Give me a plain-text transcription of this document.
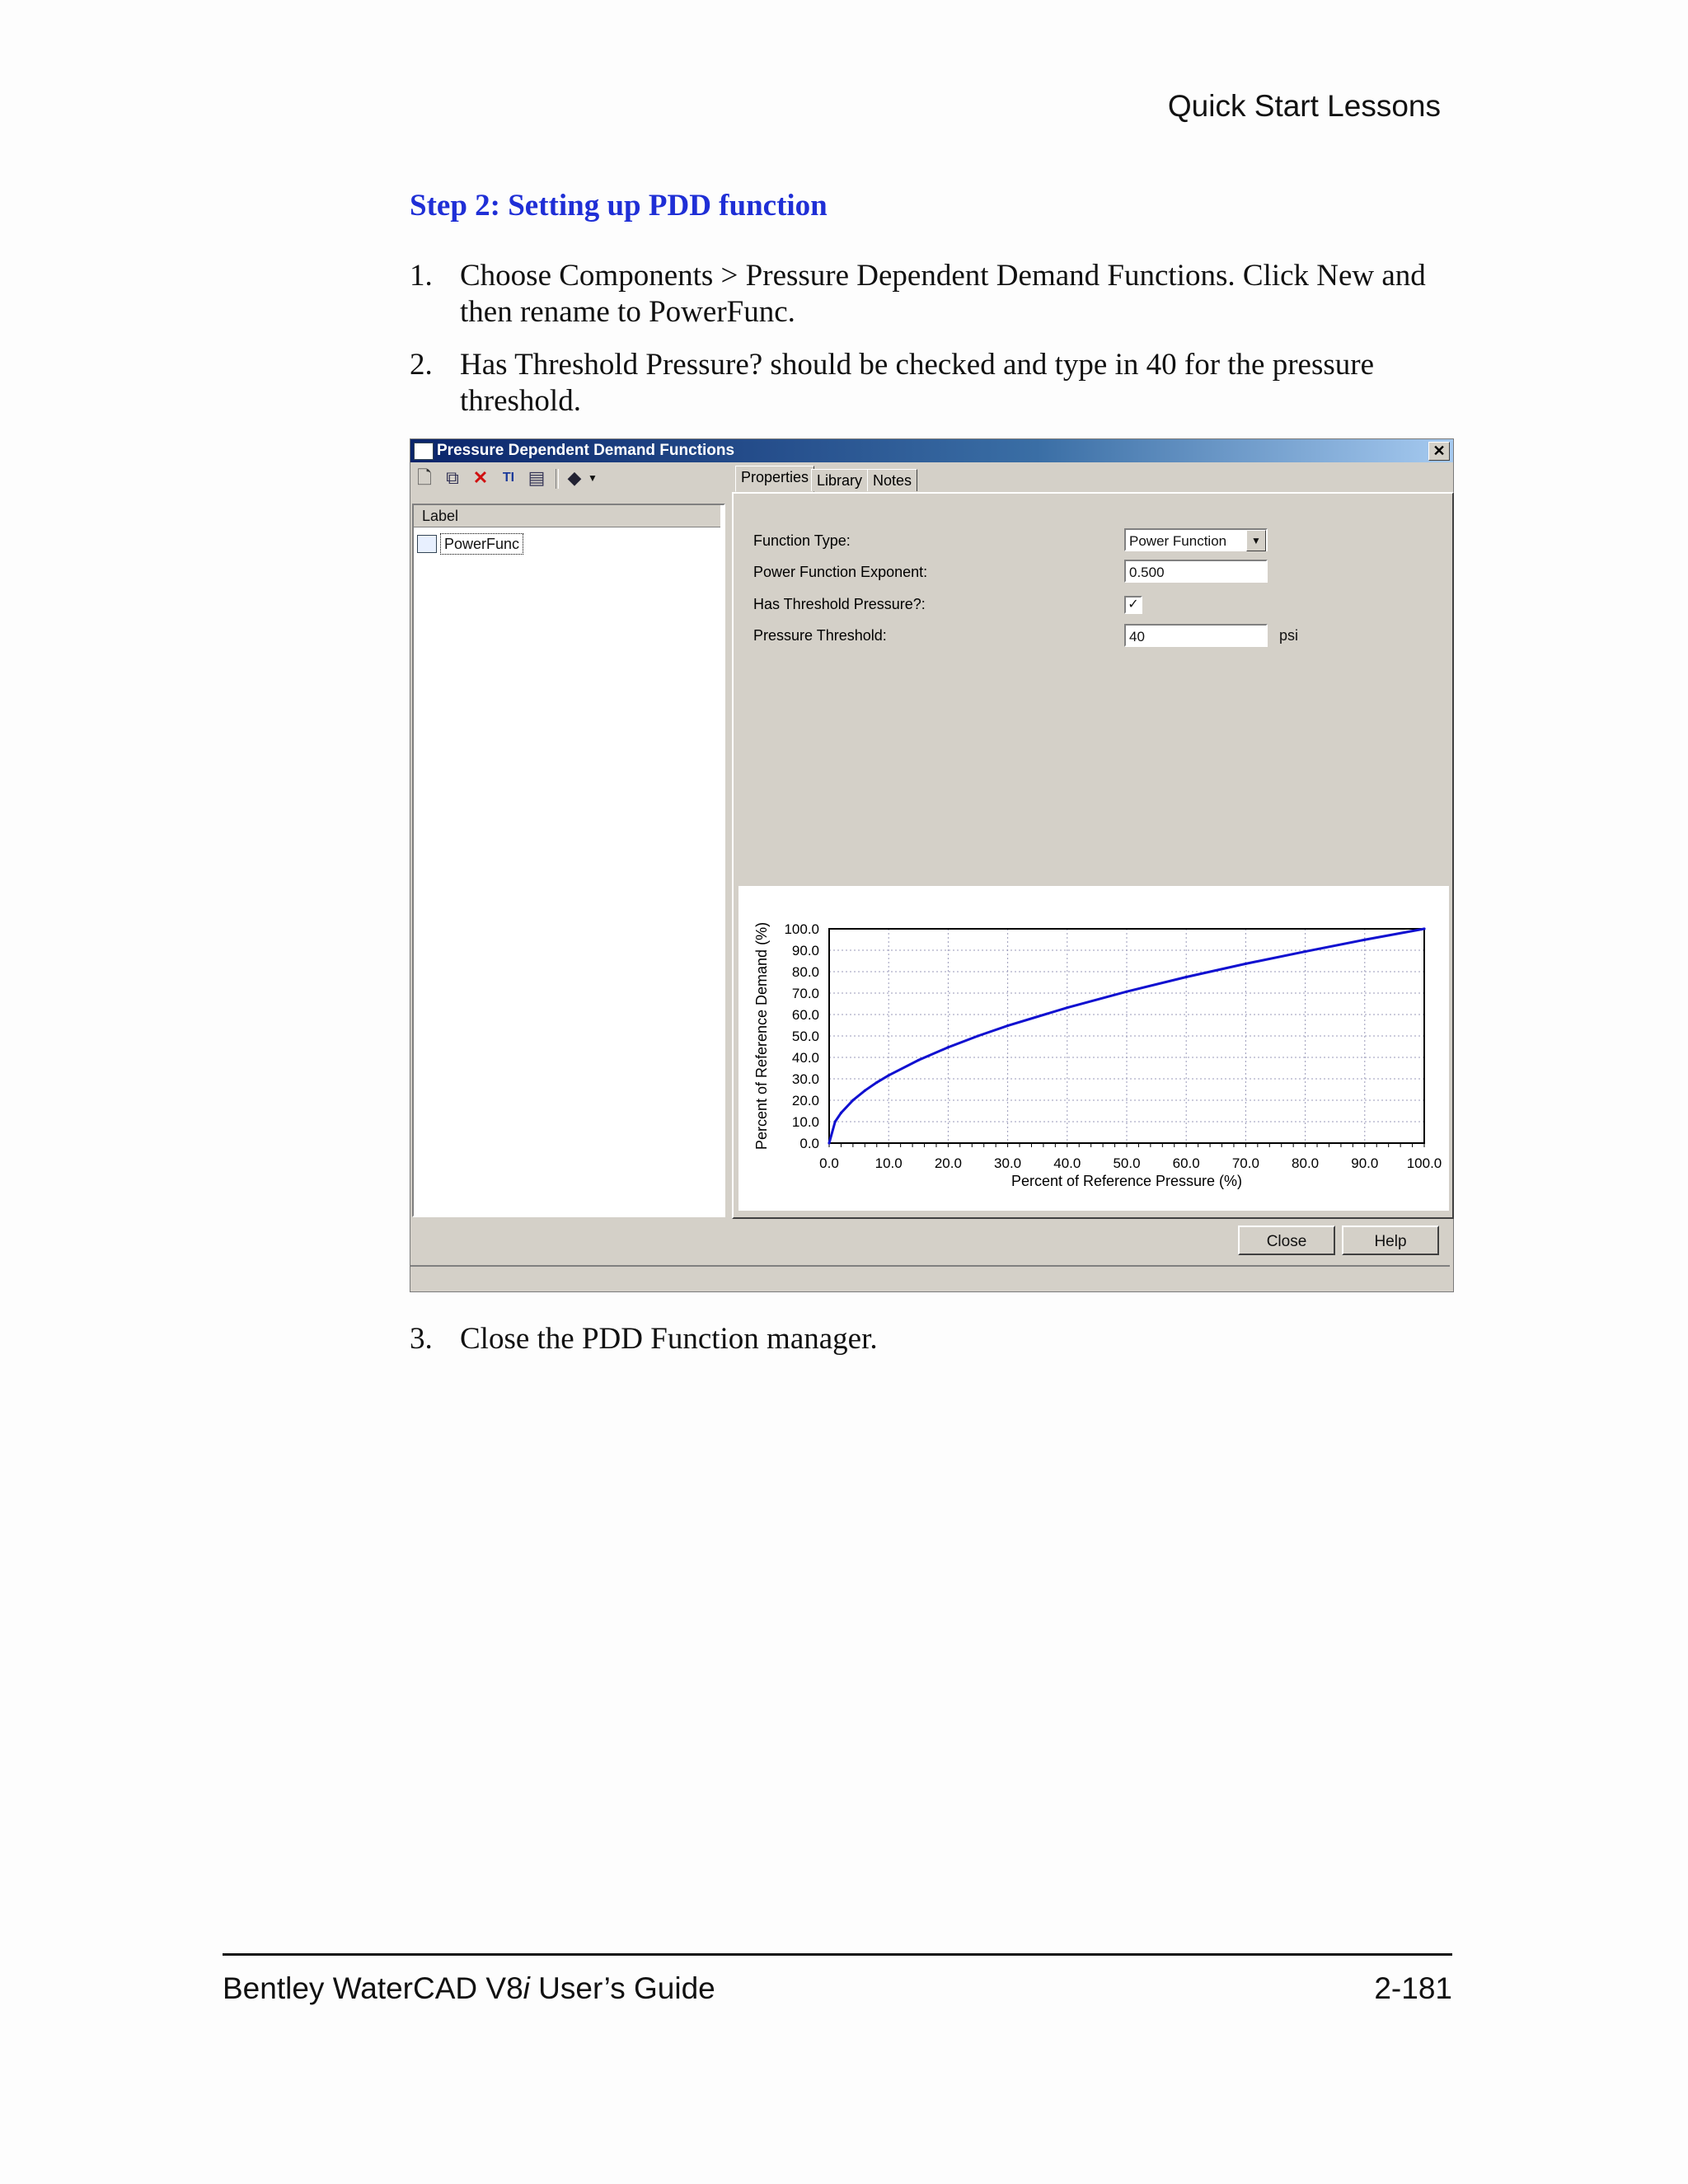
Quick Start Lessons
Step 2: Setting up PDD function
1. Choose Components > Pressure Dependent Demand Functions. Click New and then rename to PowerFunc.
2. Has Threshold Pressure? should be checked and type in 40 for the pressure threshold.
Pressure Dependent Demand Functions	✕
🗋 ⧉ ✕	TI ▤ ◆ ▼	Properties Library Notes
Label
PowerFunc	Function Type:	Power Function	▼
Power Function Exponent:	0.500
Has Threshold Pressure?:	✓
Pressure Threshold:	40	psi
0.0	10.0 20.0 30.0 40.0 50.0 60.0 70.0 80.0 90.0 100.0
0.0
10.0
20.0
30.0
40.0
50.0
60.0
70.0
80.0
90.0
100.0
Percent of Reference Pressure (%)
Percent of Reference Demand (%)
Close	Help
3. Close the PDD Function manager.
Bentley WaterCAD V8i User’s Guide	2-181
